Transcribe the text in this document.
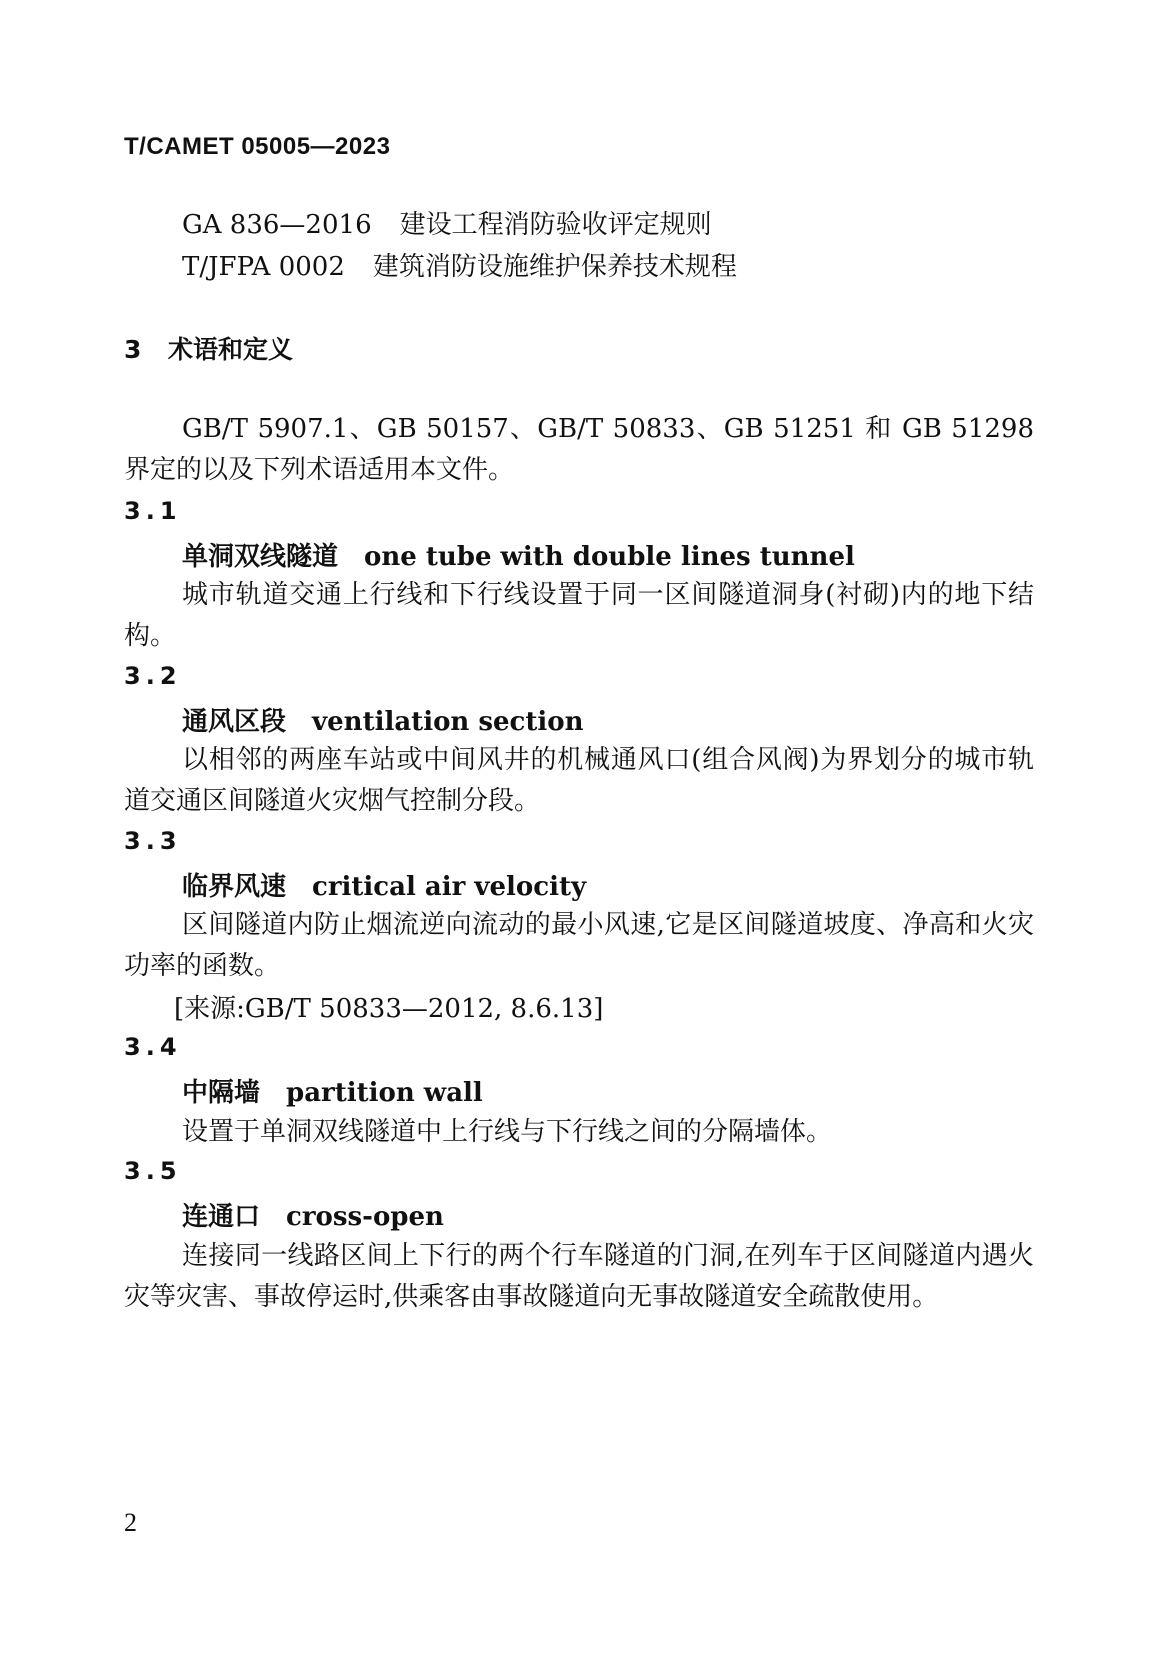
T/CAMET 05005—2023
GA 836—2016 建设工程消防验收评定规则
T/JFPA 0002 建筑消防设施维护保养技术规程
3 术语和定义
GB/T 5907.1、GB 50157、GB/T 50833、GB 51251 和 GB 51298 界定的以及下列术语适用本文件。
3.1
单洞双线隧道 one tube with double lines tunnel
城市轨道交通上行线和下行线设置于同一区间隧道洞身(衬砌)内的地下结构。
3.2
通风区段 ventilation section
以相邻的两座车站或中间风井的机械通风口(组合风阀)为界划分的城市轨道交通区间隧道火灾烟气控制分段。
3.3
临界风速 critical air velocity
区间隧道内防止烟流逆向流动的最小风速,它是区间隧道坡度、净高和火灾功率的函数。
[来源:GB/T 50833—2012, 8.6.13]
3.4
中隔墙 partition wall
设置于单洞双线隧道中上行线与下行线之间的分隔墙体。
3.5
连通口 cross-open
连接同一线路区间上下行的两个行车隧道的门洞,在列车于区间隧道内遇火灾等灾害、事故停运时,供乘客由事故隧道向无事故隧道安全疏散使用。
2
